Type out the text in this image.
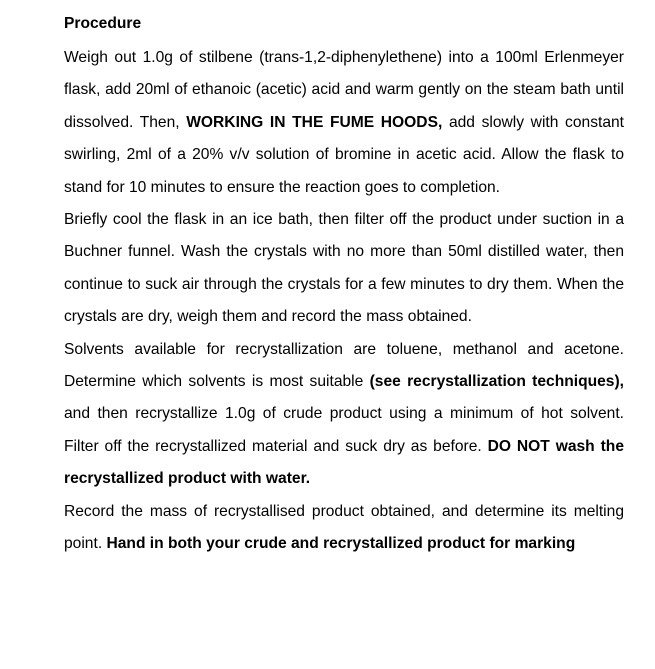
Procedure

Weigh out 1.0g of stilbene (trans-1,2-diphenylethene) into a 100ml Erlenmeyer flask, add 20ml of ethanoic (acetic) acid and warm gently on the steam bath until dissolved. Then, WORKING IN THE FUME HOODS, add slowly with constant swirling, 2ml of a 20% v/v solution of bromine in acetic acid. Allow the flask to stand for 10 minutes to ensure the reaction goes to completion.

Briefly cool the flask in an ice bath, then filter off the product under suction in a Buchner funnel. Wash the crystals with no more than 50ml distilled water, then continue to suck air through the crystals for a few minutes to dry them. When the crystals are dry, weigh them and record the mass obtained.

Solvents available for recrystallization are toluene, methanol and acetone. Determine which solvents is most suitable (see recrystallization techniques), and then recrystallize 1.0g of crude product using a minimum of hot solvent. Filter off the recrystallized material and suck dry as before. DO NOT wash the recrystallized product with water.

Record the mass of recrystallised product obtained, and determine its melting point. Hand in both your crude and recrystallized product for marking
